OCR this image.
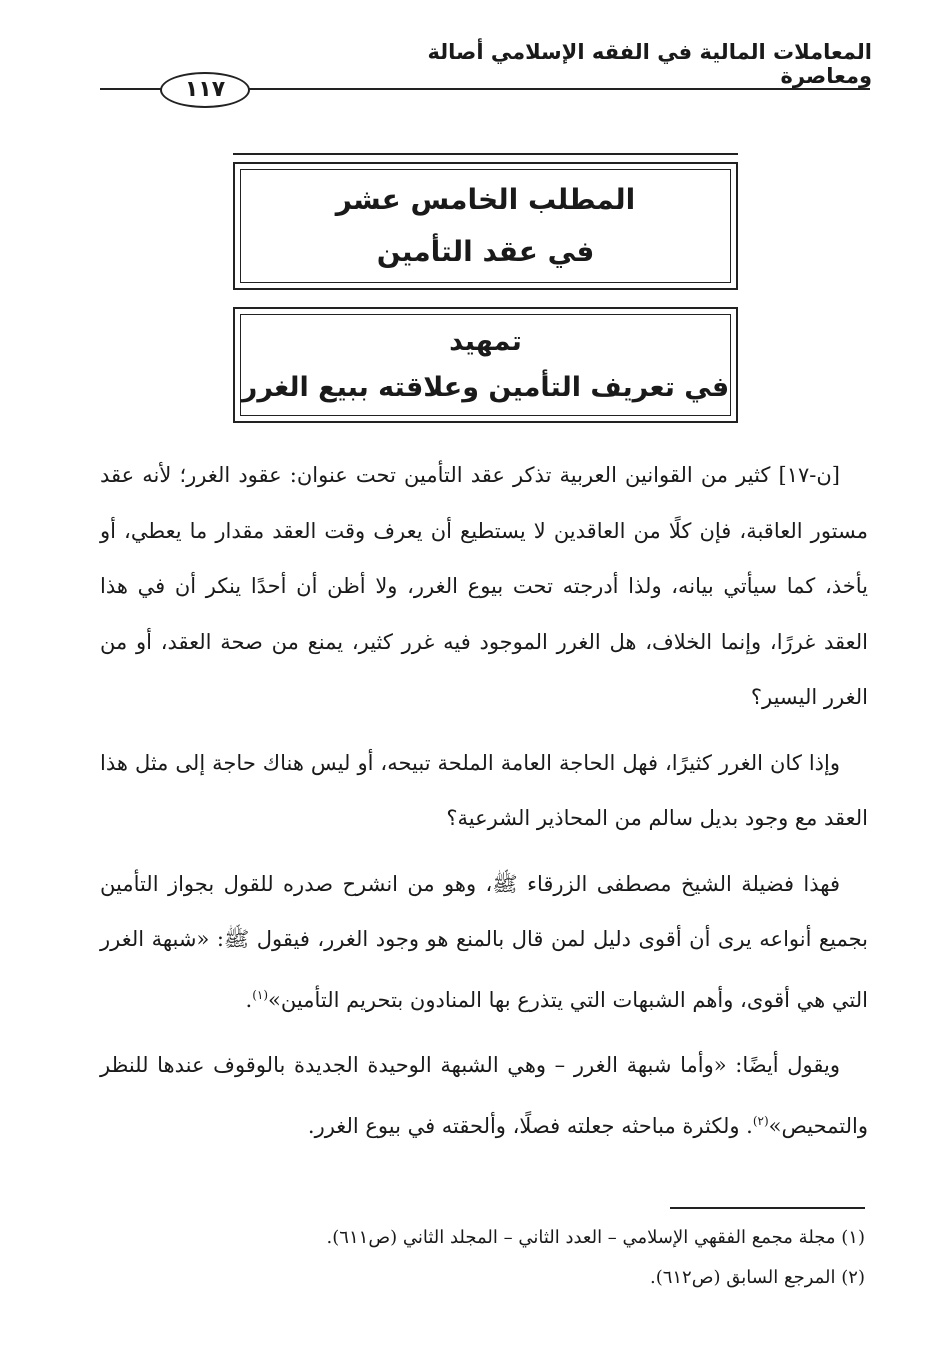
المعاملات المالية في الفقه الإسلامي أصالة ومعاصرة
١١٧
المطلب الخامس عشر
في عقد التأمين
تمهيد
في تعريف التأمين وعلاقته ببيع الغرر

[ن-١٧] كثير من القوانين العربية تذكر عقد التأمين تحت عنوان: عقود الغرر؛ لأنه عقد مستور العاقبة، فإن كلًا من العاقدين لا يستطيع أن يعرف وقت العقد مقدار ما يعطي، أو يأخذ، كما سيأتي بيانه، ولذا أدرجته تحت بيوع الغرر، ولا أظن أن أحدًا ينكر أن في هذا العقد غررًا، وإنما الخلاف، هل الغرر الموجود فيه غرر كثير، يمنع من صحة العقد، أو من الغرر اليسير؟

وإذا كان الغرر كثيرًا، فهل الحاجة العامة الملحة تبيحه، أو ليس هناك حاجة إلى مثل هذا العقد مع وجود بديل سالم من المحاذير الشرعية؟

فهذا فضيلة الشيخ مصطفى الزرقاء ﷺ، وهو من انشرح صدره للقول بجواز التأمين بجميع أنواعه يرى أن أقوى دليل لمن قال بالمنع هو وجود الغرر، فيقول ﷺ: «شبهة الغرر التي هي أقوى، وأهم الشبهات التي يتذرع بها المنادون بتحريم التأمين»$^{(١)}$.

ويقول أيضًا: «وأما شبهة الغرر – وهي الشبهة الوحيدة الجديدة بالوقوف عندها للنظر والتمحيص»$^{(٢)}$. ولكثرة مباحثه جعلته فصلًا، وألحقته في بيوع الغرر.

(١) مجلة مجمع الفقهي الإسلامي – العدد الثاني – المجلد الثاني (ص٦١١).

(٢) المرجع السابق (ص٦١٢).
